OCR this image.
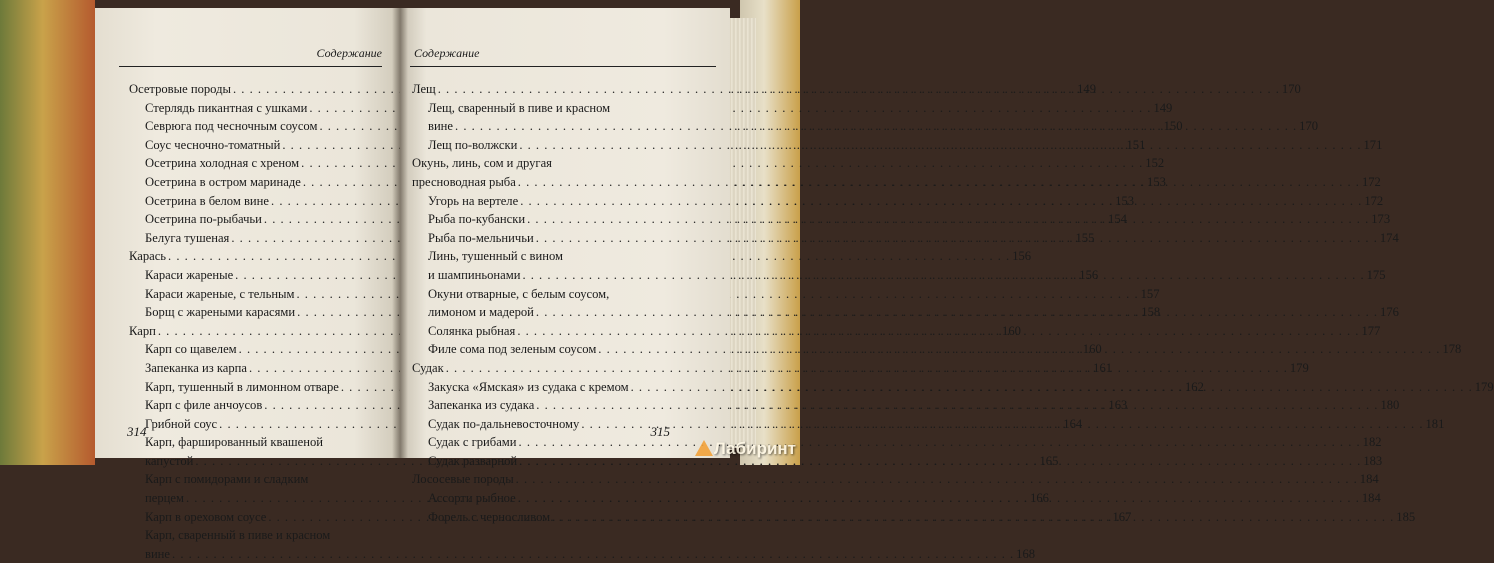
Содержание
Осетровые породы . . .	149
Стерлядь пикантная с ушками . . .	149
Севрюга под чесночным соусом . . .	150
Соус чесночно-томатный . . .	151
Осетрина холодная с хреном . . .	152
Осетрина в остром маринаде . . .	153
Осетрина в белом вине . . .	153
Осетрина по-рыбачьи . . .	154
Белуга тушеная . . .	155
Карась . . .	156
Караси жареные . . .	156
Караси жареные, с тельным . . .	157
Борщ с жареными карасями . . .	158
Карп . . .	160
Карп со щавелем . . .	160
Запеканка из карпа . . .	161
Карп, тушенный в лимонном отваре . . .	162
Карп с филе анчоусов . . .	163
Грибной соус . . .	164
Карп, фаршированный квашеной
капустой . . .	165
Карп с помидорами и сладким
перцем . . .	166
Карп в ореховом соусе . . .	167
Карп, сваренный в пиве и красном
вине . . .	168
314
Содержание
Лещ . . .	170
Лещ, сваренный в пиве и красном
вине . . .	170
Лещ по-волжски . . .	171
Окунь, линь, сом и другая
пресноводная рыба . . .	172
Угорь на вертеле . . .	172
Рыба по-кубански . . .	173
Рыба по-мельничьи . . .	174
Линь, тушенный с вином
и шампиньонами . . .	175
Окуни отварные, с белым соусом,
лимоном и мадерой . . .	176
Солянка рыбная . . .	177
Филе сома под зеленым соусом . . .	178
Судак . . .	179
Закуска «Ямская» из судака с кремом . . .	179
Запеканка из судака . . .	180
Судак по-дальневосточному . . .	181
Судак с грибами . . .	182
Судак разварной . . .	183
Лососевые породы . . .	184
Ассорти рыбное . . .	184
Форель с черносливом . . .	185
315
Лабиринт
